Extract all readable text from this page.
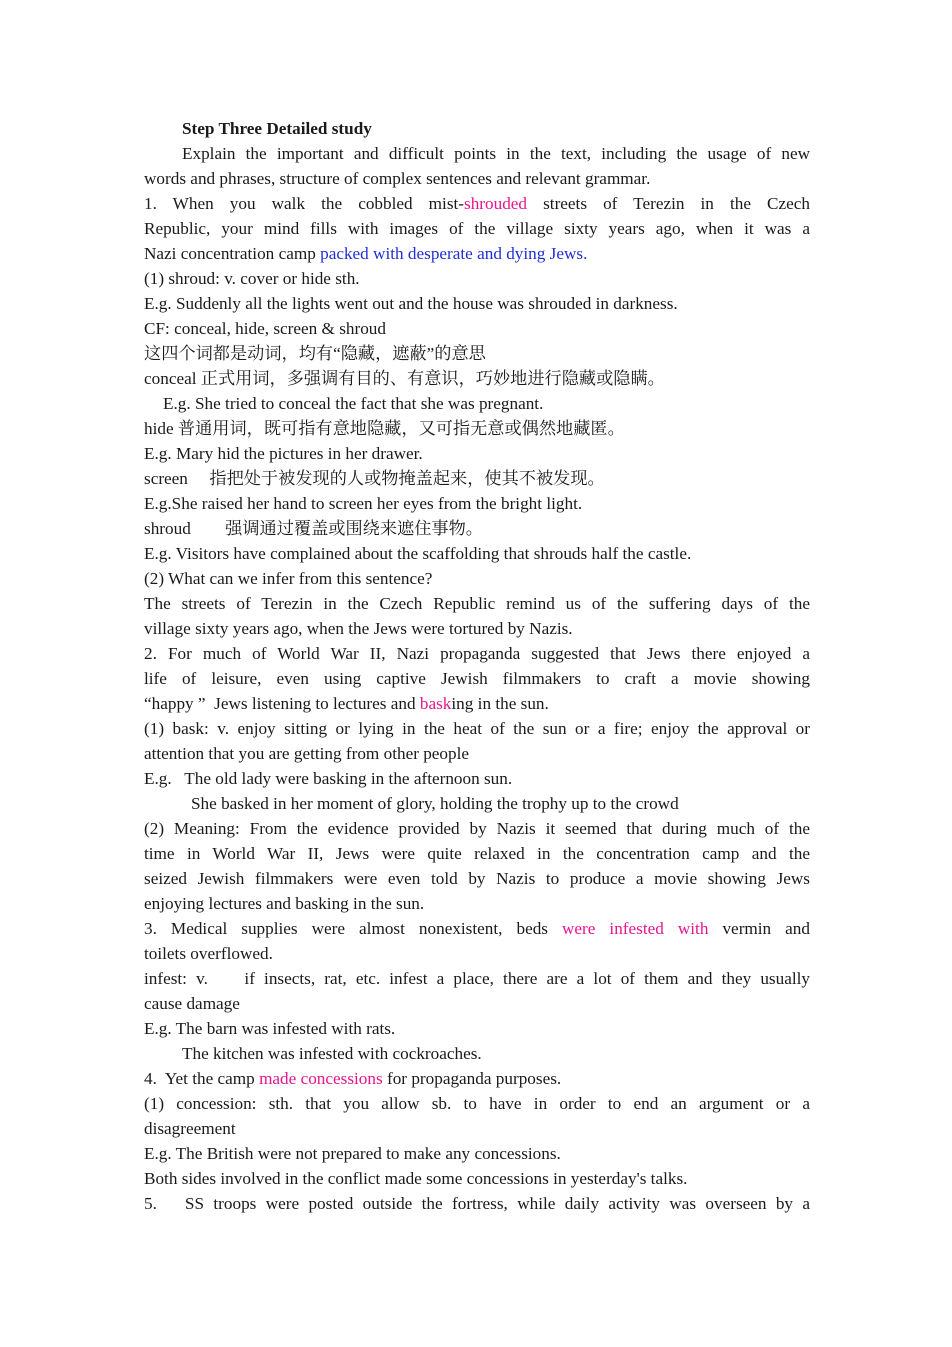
Step Three Detailed study
Explain the important and difficult points in the text, including the usage of new
words and phrases, structure of complex sentences and relevant grammar.
1. When you walk the cobbled mist-shrouded streets of Terezin in the Czech
Republic, your mind fills with images of the village sixty years ago, when it was a
Nazi concentration camp packed with desperate and dying Jews.
(1) shroud: v. cover or hide sth.
E.g. Suddenly all the lights went out and the house was shrouded in darkness.
CF: conceal, hide, screen & shroud
这四个词都是动词，均有“隐藏，遮蔽”的意思
conceal 正式用词，多强调有目的、有意识，巧妙地进行隐藏或隐瞒。
E.g. She tried to conceal the fact that she was pregnant.
hide 普通用词，既可指有意地隐藏，又可指无意或偶然地藏匿。
E.g. Mary hid the pictures in her drawer.
screen     指把处于被发现的人或物掩盖起来，使其不被发现。
E.g.She raised her hand to screen her eyes from the bright light.
shroud        强调通过覆盖或围绕来遮住事物。
E.g. Visitors have complained about the scaffolding that shrouds half the castle.
(2) What can we infer from this sentence?
The streets of Terezin in the Czech Republic remind us of the suffering days of the
village sixty years ago, when the Jews were tortured by Nazis.
2. For much of World War II, Nazi propaganda suggested that Jews there enjoyed a
life of leisure, even using captive Jewish filmmakers to craft a movie showing
“happy ”  Jews listening to lectures and basking in the sun.
(1) bask: v. enjoy sitting or lying in the heat of the sun or a fire; enjoy the approval or
attention that you are getting from other people
E.g.   The old lady were basking in the afternoon sun.
She basked in her moment of glory, holding the trophy up to the crowd
(2) Meaning: From the evidence provided by Nazis it seemed that during much of the
time in World War II, Jews were quite relaxed in the concentration camp and the
seized Jewish filmmakers were even told by Nazis to produce a movie showing Jews
enjoying lectures and basking in the sun.
3. Medical supplies were almost nonexistent, beds were infested with vermin and
toilets overflowed.
infest: v.    if insects, rat, etc. infest a place, there are a lot of them and they usually
cause damage
E.g. The barn was infested with rats.
The kitchen was infested with cockroaches.
4.  Yet the camp made concessions for propaganda purposes.
(1) concession: sth. that you allow sb. to have in order to end an argument or a
disagreement
E.g. The British were not prepared to make any concessions.
Both sides involved in the conflict made some concessions in yesterday's talks.
5.   SS troops were posted outside the fortress, while daily activity was overseen by a
